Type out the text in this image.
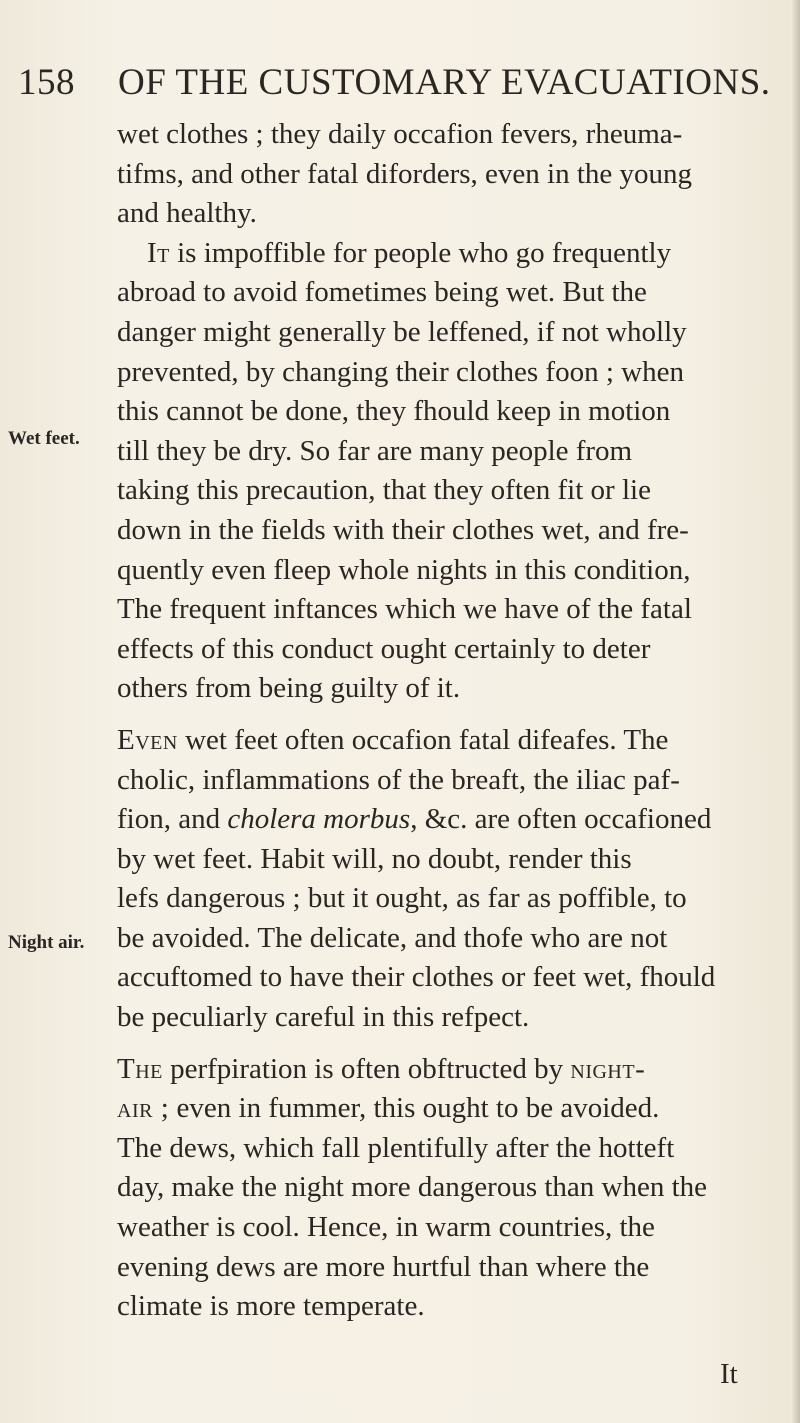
158 OF THE CUSTOMARY EVACUATIONS.
Wet feet.
Night air.

wet clothes ; they daily occafion fevers, rheuma-

tifms, and other fatal diforders, even in the young

and healthy.

It is impoffible for people who go frequently

abroad to avoid fometimes being wet. But the

danger might generally be leffened, if not wholly

prevented, by changing their clothes foon ; when

this cannot be done, they fhould keep in motion

till they be dry. So far are many people from

taking this precaution, that they often fit or lie

down in the fields with their clothes wet, and fre-

quently even fleep whole nights in this condition,

The frequent inftances which we have of the fatal

effects of this conduct ought certainly to deter

others from being guilty of it.

Even wet feet often occafion fatal difeafes. The

cholic, inflammations of the breaft, the iliac paf-

fion, and cholera morbus, &c. are often occafioned

by wet feet. Habit will, no doubt, render this

lefs dangerous ; but it ought, as far as poffible, to

be avoided. The delicate, and thofe who are not

accuftomed to have their clothes or feet wet, fhould

be peculiarly careful in this refpect.

The perfpiration is often obftructed by night-

air ; even in fummer, this ought to be avoided.

The dews, which fall plentifully after the hotteft

day, make the night more dangerous than when the

weather is cool. Hence, in warm countries, the

evening dews are more hurtful than where the

climate is more temperate.

It
